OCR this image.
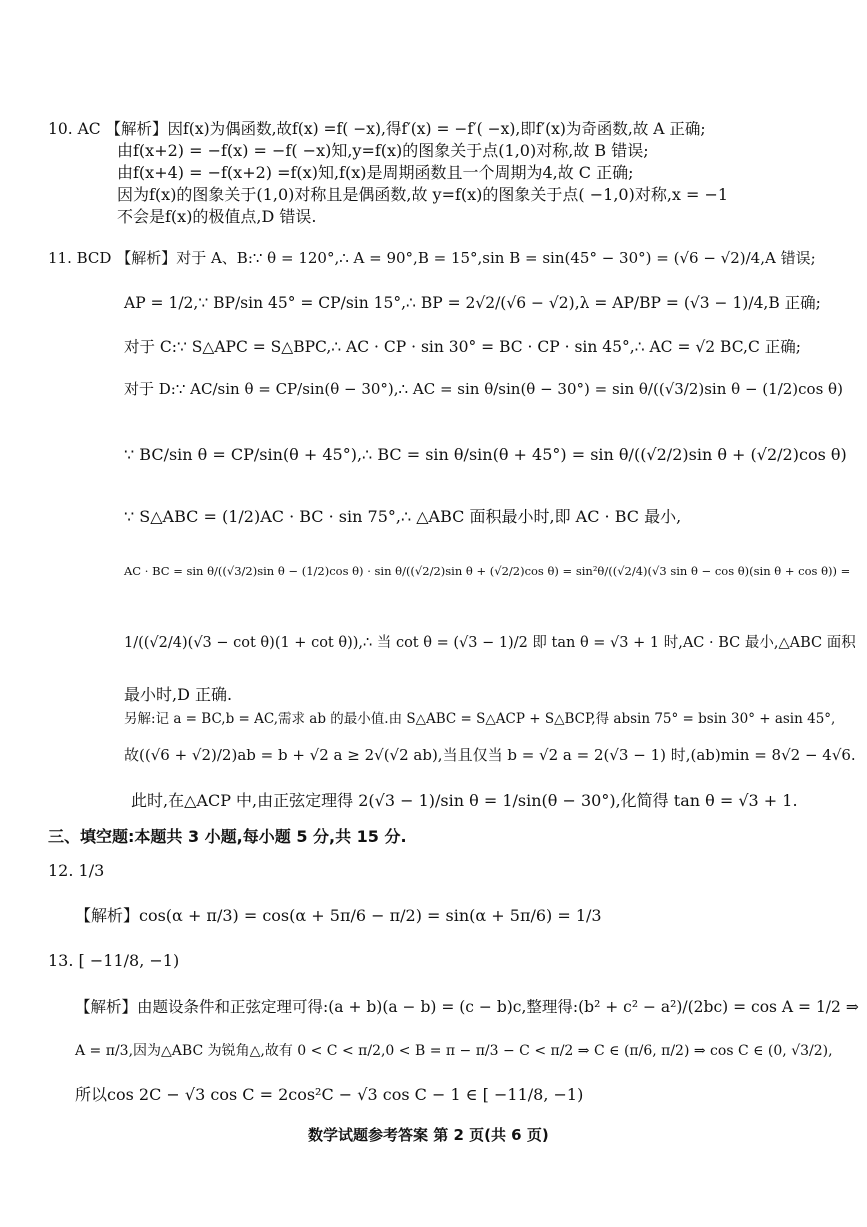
10. AC 【解析】因f(x)为偶函数,故f(x) =f( −x),得f′(x) = −f′( −x),即f′(x)为奇函数,故 A 正确;
由f(x+2) = −f(x) = −f( −x)知,y=f(x)的图象关于点(1,0)对称,故 B 错误;
由f(x+4) = −f(x+2) =f(x)知,f(x)是周期函数且一个周期为4,故 C 正确;
因为f(x)的图象关于(1,0)对称且是偶函数,故 y=f(x)的图象关于点( −1,0)对称,x = −1
不会是f(x)的极值点,D 错误.
11. BCD 【解析】对于 A、B:∵ θ = 120°,∴ A = 90°,B = 15°,sin B = sin(45° − 30°) = (√6 − √2)/4,A 错误;
AP = 1/2,∵ BP/sin 45° = CP/sin 15°,∴ BP = 2√2/(√6 − √2),λ = AP/BP = (√3 − 1)/4,B 正确;
对于 C:∵ S△APC = S△BPC,∴ AC · CP · sin 30° = BC · CP · sin 45°,∴ AC = √2 BC,C 正确;
对于 D:∵ AC/sin θ = CP/sin(θ − 30°),∴ AC = sin θ/sin(θ − 30°) = sin θ/((√3/2)sin θ − (1/2)cos θ)
∵ BC/sin θ = CP/sin(θ + 45°),∴ BC = sin θ/sin(θ + 45°) = sin θ/((√2/2)sin θ + (√2/2)cos θ)
∵ S△ABC = (1/2)AC · BC · sin 75°,∴ △ABC 面积最小时,即 AC · BC 最小,
AC · BC = sin θ/((√3/2)sin θ − (1/2)cos θ) · sin θ/((√2/2)sin θ + (√2/2)cos θ) = sin²θ/((√2/4)(√3 sin θ − cos θ)(sin θ + cos θ)) =
1/((√2/4)(√3 − cot θ)(1 + cot θ)),∴ 当 cot θ = (√3 − 1)/2 即 tan θ = √3 + 1 时,AC · BC 最小,△ABC 面积
最小时,D 正确.
另解:记 a = BC,b = AC,需求 ab 的最小值.由 S△ABC = S△ACP + S△BCP,得 absin 75° = bsin 30° + asin 45°,
故((√6 + √2)/2)ab = b + √2 a ≥ 2√(√2 ab),当且仅当 b = √2 a = 2(√3 − 1) 时,(ab)min = 8√2 − 4√6.
此时,在△ACP 中,由正弦定理得 2(√3 − 1)/sin θ = 1/sin(θ − 30°),化简得 tan θ = √3 + 1.
三、填空题:本题共 3 小题,每小题 5 分,共 15 分.
12. 1/3
【解析】cos(α + π/3) = cos(α + 5π/6 − π/2) = sin(α + 5π/6) = 1/3
13. [ −11/8, −1)
【解析】由题设条件和正弦定理可得:(a + b)(a − b) = (c − b)c,整理得:(b² + c² − a²)/(2bc) = cos A = 1/2 ⇒
A = π/3,因为△ABC 为锐角△,故有 0 < C < π/2,0 < B = π − π/3 − C < π/2 ⇒ C ∈ (π/6, π/2) ⇒ cos C ∈ (0, √3/2),
所以cos 2C − √3 cos C = 2cos²C − √3 cos C − 1 ∈ [ −11/8, −1)
数学试题参考答案 第 2 页(共 6 页)
